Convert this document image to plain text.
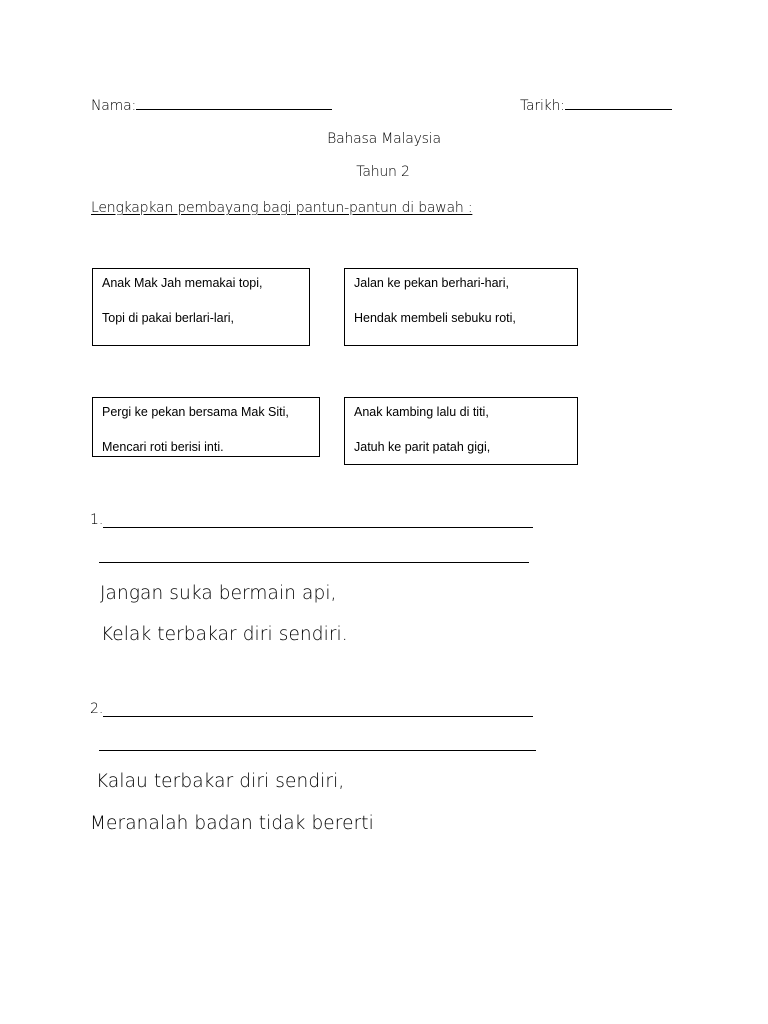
Nama:	Tarikh:
Bahasa Malaysia
Tahun 2
Lengkapkan pembayang bagi pantun-pantun di bawah :
Anak Mak Jah memakai topi,
Topi di pakai berlari-lari,
Jalan ke pekan berhari-hari,
Hendak membeli sebuku roti,
Pergi ke pekan bersama Mak Siti,
Mencari roti berisi inti.
Anak kambing lalu di titi,
Jatuh ke parit patah gigi,
1.
Jangan suka bermain api,
Kelak terbakar diri sendiri.
2.
Kalau terbakar diri sendiri,
Meranalah badan tidak bererti
